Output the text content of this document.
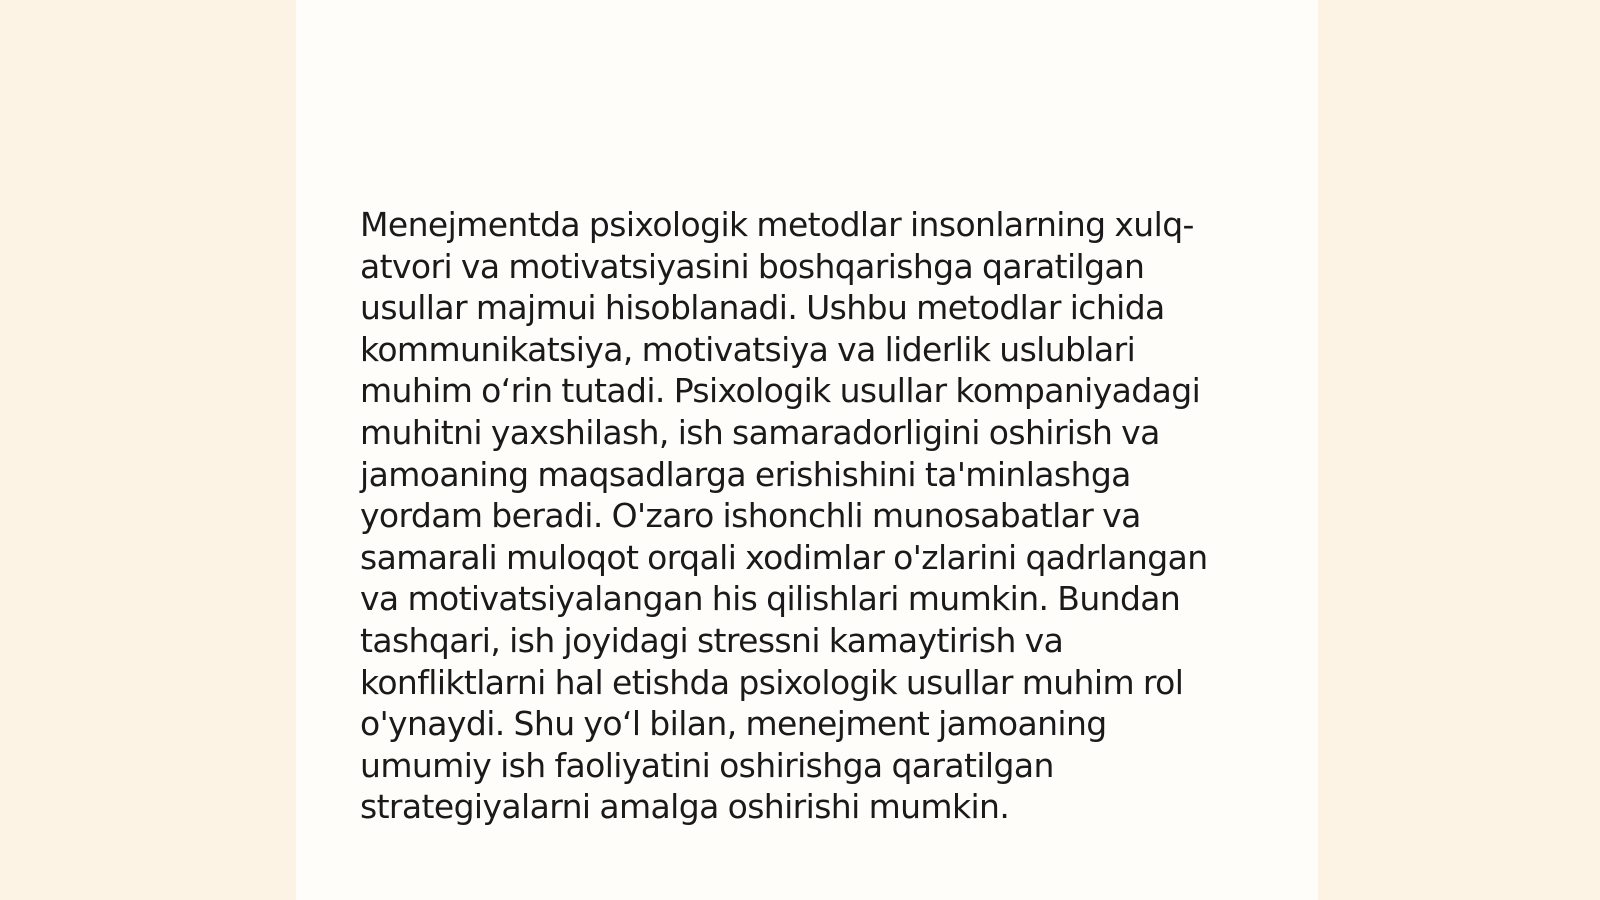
Menejmentda psixologik metodlar insonlarning xulq-
atvori va motivatsiyasini boshqarishga qaratilgan
usullar majmui hisoblanadi. Ushbu metodlar ichida
kommunikatsiya, motivatsiya va liderlik uslublari
muhim o‘rin tutadi. Psixologik usullar kompaniyadagi
muhitni yaxshilash, ish samaradorligini oshirish va
jamoaning maqsadlarga erishishini ta'minlashga
yordam beradi. O'zaro ishonchli munosabatlar va
samarali muloqot orqali xodimlar o'zlarini qadrlangan
va motivatsiyalangan his qilishlari mumkin. Bundan
tashqari, ish joyidagi stressni kamaytirish va
konfliktlarni hal etishda psixologik usullar muhim rol
o'ynaydi. Shu yo‘l bilan, menejment jamoaning
umumiy ish faoliyatini oshirishga qaratilgan
strategiyalarni amalga oshirishi mumkin.
